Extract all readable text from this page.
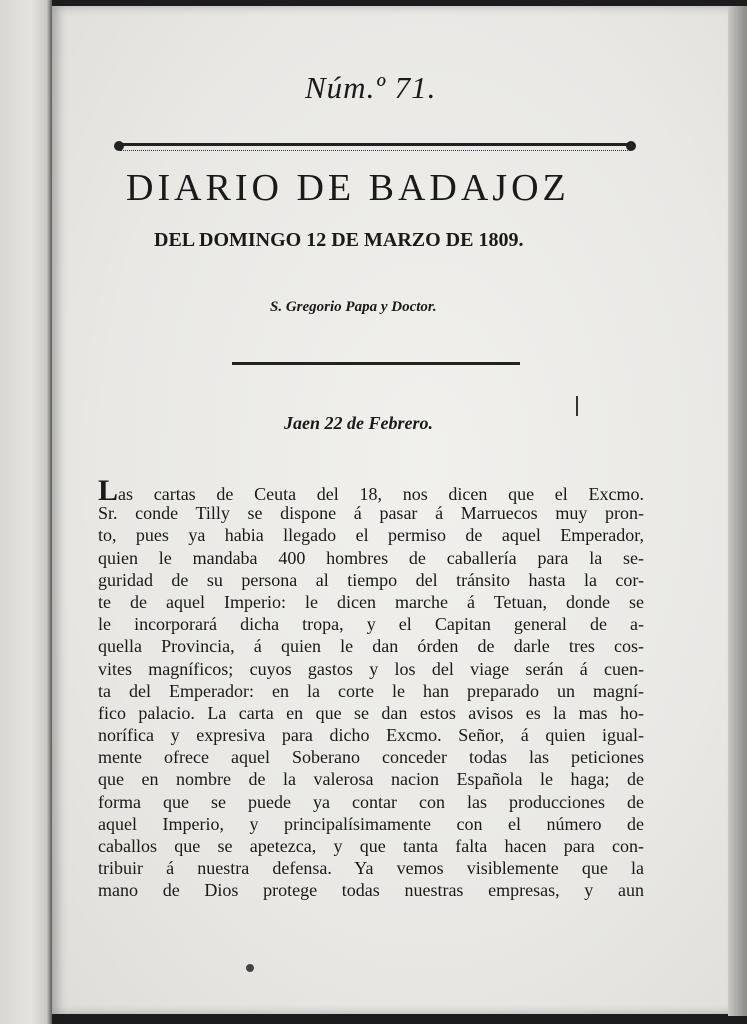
Núm.º 71.
DIARIO DE BADAJOZ
DEL DOMINGO 12 DE MARZO DE 1809.
S. Gregorio Papa y Doctor.
Jaen 22 de Febrero.
Las cartas de Ceuta del 18, nos dicen que el Excmo.
Sr. conde Tilly se dispone á pasar á Marruecos muy pron-
to, pues ya habia llegado el permiso de aquel Emperador,
quien le mandaba 400 hombres de caballería para la se-
guridad de su persona al tiempo del tránsito hasta la cor-
te de aquel Imperio: le dicen marche á Tetuan, donde se
le incorporará dicha tropa, y el Capitan general de a-
quella Provincia, á quien le dan órden de darle tres cos-
vites magníficos; cuyos gastos y los del viage serán á cuen-
ta del Emperador: en la corte le han preparado un magní-
fico palacio. La carta en que se dan estos avisos es la mas ho-
norífica y expresiva para dicho Excmo. Señor, á quien igual-
mente ofrece aquel Soberano conceder todas las peticiones
que en nombre de la valerosa nacion Española le haga; de
forma que se puede ya contar con las producciones de
aquel Imperio, y principalísimamente con el número de
caballos que se apetezca, y que tanta falta hacen para con-
tribuir á nuestra defensa. Ya vemos visiblemente que la
mano de Dios protege todas nuestras empresas, y aun
